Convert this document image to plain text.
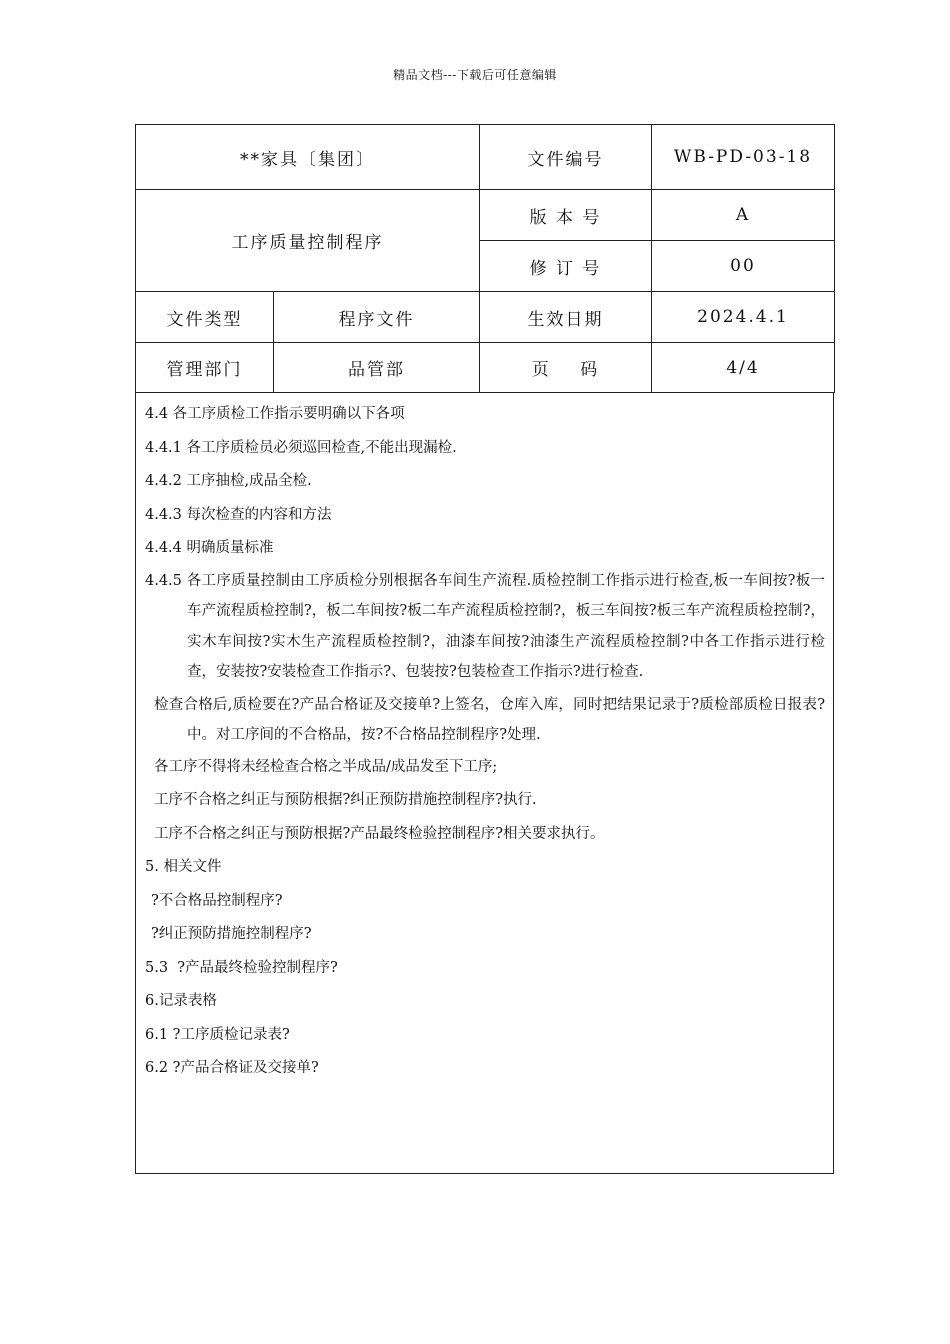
精品文档---下载后可任意编辑
**家具〔集团〕		文件编号	WB-PD-03-18
工序质量控制程序		版 本 号	A
		修 订 号	00
文件类型	程序文件	生效日期	2024.4.1
管理部门	品管部	页    码	4/4
4.4 各工序质检工作指示要明确以下各项
4.4.1 各工序质检员必须巡回检查,不能出现漏检.
4.4.2 工序抽检,成品全检.
4.4.3 每次检查的内容和方法
4.4.4 明确质量标准
4.4.5 各工序质量控制由工序质检分别根据各车间生产流程.质检控制工作指示进行检查,板一车间按?板一车产流程质检控制?，板二车间按?板二车产流程质检控制?，板三车间按?板三车产流程质检控制?，实木车间按?实木生产流程质检控制?，油漆车间按?油漆生产流程质检控制?中各工作指示进行检查，安装按?安装检查工作指示?、包装按?包装检查工作指示?进行检查.
检查合格后,质检要在?产品合格证及交接单?上签名，仓库入库，同时把结果记录于?质检部质检日报表?中。对工序间的不合格品，按?不合格品控制程序?处理.
各工序不得将未经检查合格之半成品/成品发至下工序;
工序不合格之纠正与预防根据?纠正预防措施控制程序?执行.
工序不合格之纠正与预防根据?产品最终检验控制程序?相关要求执行。
5. 相关文件
?不合格品控制程序?
?纠正预防措施控制程序?
5.3  ?产品最终检验控制程序?
6.记录表格
6.1 ?工序质检记录表?
6.2 ?产品合格证及交接单?
